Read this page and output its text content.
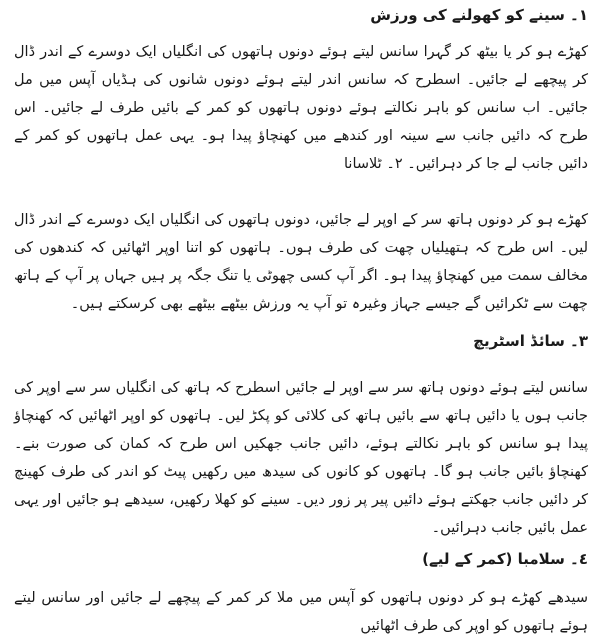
١۔ سینے کو کھولنے کی ورزش

کھڑے ہو کر یا بیٹھ کر گہرا سانس لیتے ہوئے دونوں ہاتھوں کی انگلیاں ایک دوسرے کے اندر ڈال کر پیچھے لے جائیں۔ اسطرح کہ سانس اندر لیتے ہوئے دونوں شانوں کی ہڈیاں آپس میں مل جائیں۔ اب سانس کو باہر نکالتے ہوئے دونوں ہاتھوں کو کمر کے بائیں طرف لے جائیں۔ اس طرح کہ دائیں جانب سے سینہ اور کندھے میں کھنچاؤ پیدا ہو۔ یہی عمل ہاتھوں کو کمر کے دائیں جانب لے جا کر دہرائیں۔ ٢۔ ٹلاسانا

کھڑے ہو کر دونوں ہاتھ سر کے اوپر لے جائیں، دونوں ہاتھوں کی انگلیاں ایک دوسرے کے اندر ڈال لیں۔ اس طرح کہ ہتھیلیاں چھت کی طرف ہوں۔ ہاتھوں کو اتنا اوپر اٹھائیں کہ کندھوں کی مخالف سمت میں کھنچاؤ پیدا ہو۔ اگر آپ کسی چھوٹی یا تنگ جگہ پر ہیں جہاں پر آپ کے ہاتھ چھت سے ٹکرائیں گے جیسے جہاز وغیرہ تو آپ یہ ورزش بیٹھے بیٹھے بھی کرسکتے ہیں۔

٣۔ سائڈ اسٹریچ

سانس لیتے ہوئے دونوں ہاتھ سر سے اوپر لے جائیں اسطرح کہ ہاتھ کی انگلیاں سر سے اوپر کی جانب ہوں یا دائیں ہاتھ سے بائیں ہاتھ کی کلائی کو پکڑ لیں۔ ہاتھوں کو اوپر اٹھائیں کہ کھنچاؤ پیدا ہو سانس کو باہر نکالتے ہوئے، دائیں جانب جھکیں اس طرح کہ کمان کی صورت بنے۔ کھنچاؤ بائیں جانب ہو گا۔ ہاتھوں کو کانوں کی سیدھ میں رکھیں پیٹ کو اندر کی طرف کھینچ کر دائیں جانب جھکتے ہوئے دائیں پیر پر زور دیں۔ سینے کو کھلا رکھیں، سیدھے ہو جائیں اور یہی عمل بائیں جانب دہرائیں۔

٤۔ سلامبا (کمر کے لیے)

سیدھے کھڑے ہو کر دونوں ہاتھوں کو آپس میں ملا کر کمر کے پیچھے لے جائیں اور سانس لیتے ہوئے ہاتھوں کو اوپر کی طرف اٹھائیں
